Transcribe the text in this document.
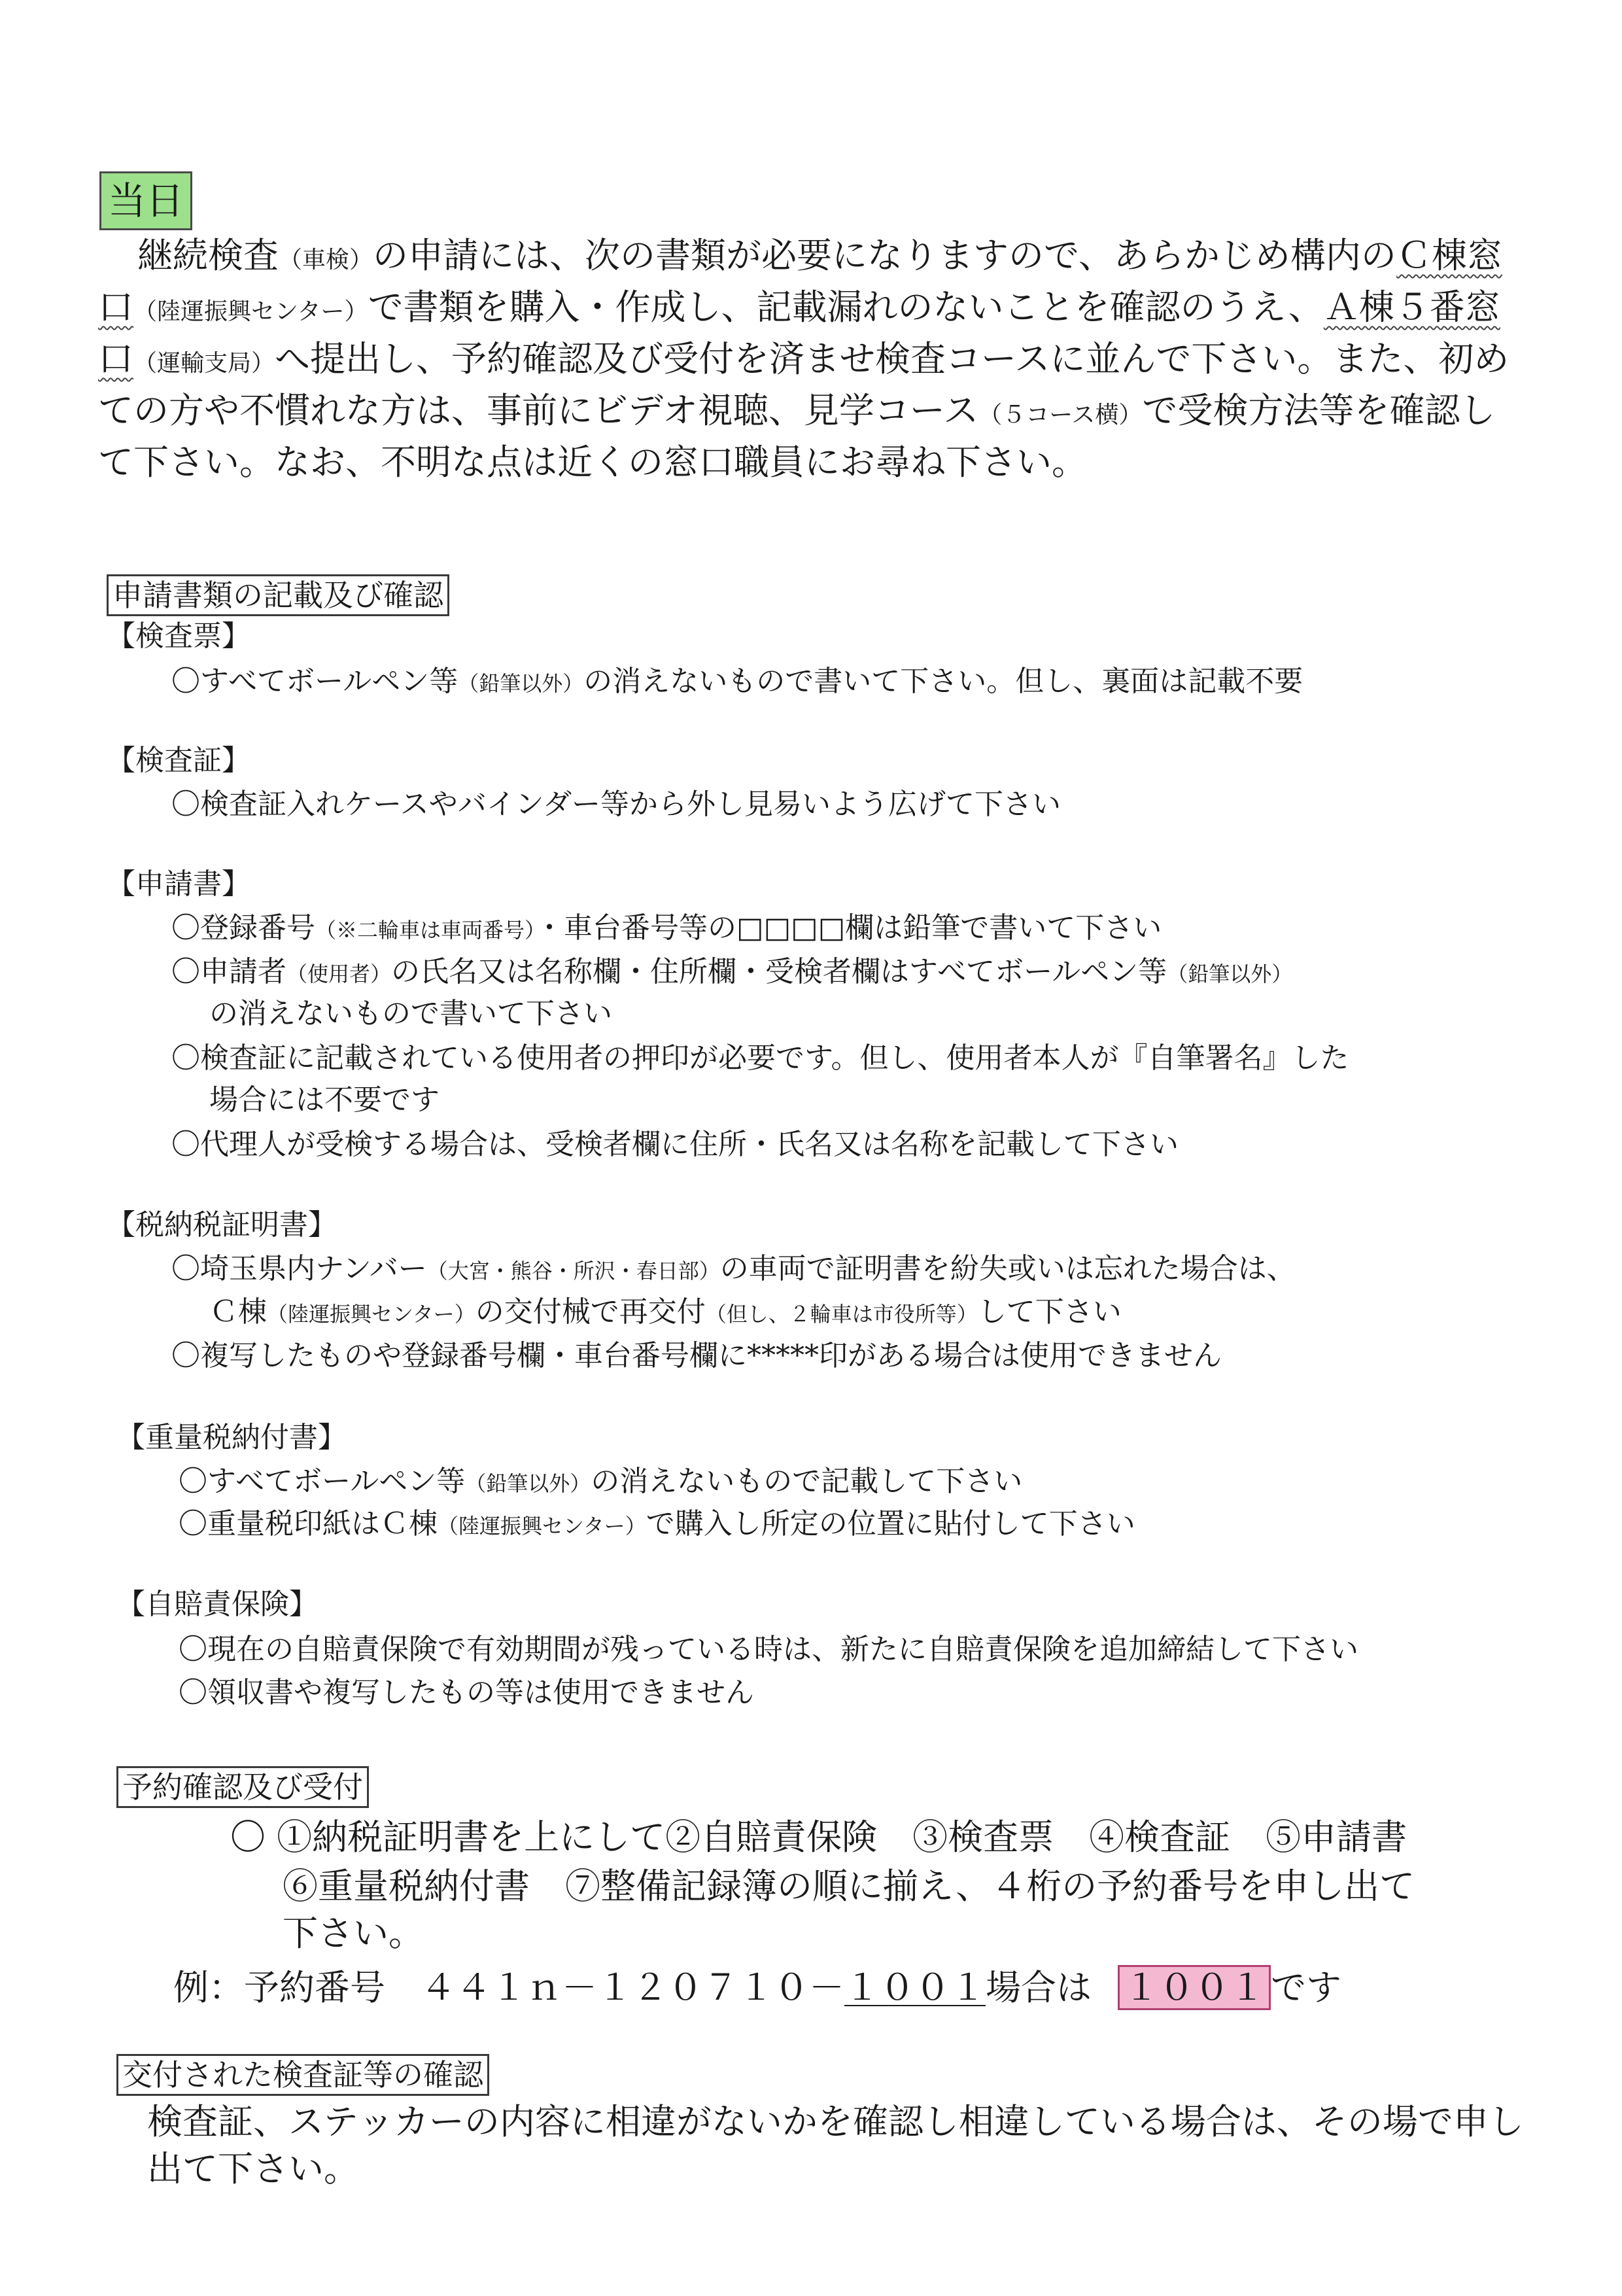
当日
継続検査（車検）の申請には、次の書類が必要になりますので、あらかじめ構内のＣ棟窓口（陸運振興センター）で書類を購入・作成し、記載漏れのないことを確認のうえ、Ａ棟５番窓口（運輸支局）へ提出し、予約確認及び受付を済ませ検査コースに並んで下さい。また、初めての方や不慣れな方は、事前にビデオ視聴、見学コース（５コース横）で受検方法等を確認して下さい。なお、不明な点は近くの窓口職員にお尋ね下さい。
申請書類の記載及び確認
【検査票】
〇すべてボールペン等（鉛筆以外）の消えないもので書いて下さい。但し、裏面は記載不要
【検査証】
〇検査証入れケースやバインダー等から外し見易いよう広げて下さい
【申請書】
〇登録番号（※二輪車は車両番号）・車台番号等の□□□□欄は鉛筆で書いて下さい
〇申請者（使用者）の氏名又は名称欄・住所欄・受検者欄はすべてボールペン等（鉛筆以外）
の消えないもので書いて下さい
〇検査証に記載されている使用者の押印が必要です。但し、使用者本人が『自筆署名』した
場合には不要です
〇代理人が受検する場合は、受検者欄に住所・氏名又は名称を記載して下さい
【税納税証明書】
〇埼玉県内ナンバー（大宮・熊谷・所沢・春日部）の車両で証明書を紛失或いは忘れた場合は、
Ｃ棟（陸運振興センター）の交付械で再交付（但し、２輪車は市役所等）して下さい
〇複写したものや登録番号欄・車台番号欄に*****印がある場合は使用できません
【重量税納付書】
〇すべてボールペン等（鉛筆以外）の消えないもので記載して下さい
〇重量税印紙はＣ棟（陸運振興センター）で購入し所定の位置に貼付して下さい
【自賠責保険】
〇現在の自賠責保険で有効期間が残っている時は、新たに自賠責保険を追加締結して下さい
〇領収書や複写したもの等は使用できません
予約確認及び受付
〇 ①納税証明書を上にして②自賠責保険　③検査票　④検査証　⑤申請書
⑥重量税納付書　⑦整備記録簿の順に揃え、４桁の予約番号を申し出て
下さい。
例：予約番号　４４１ｎ－１２０７１０－１００１場合は １００１ です
交付された検査証等の確認
検査証、ステッカーの内容に相違がないかを確認し相違している場合は、その場で申し出て下さい。
